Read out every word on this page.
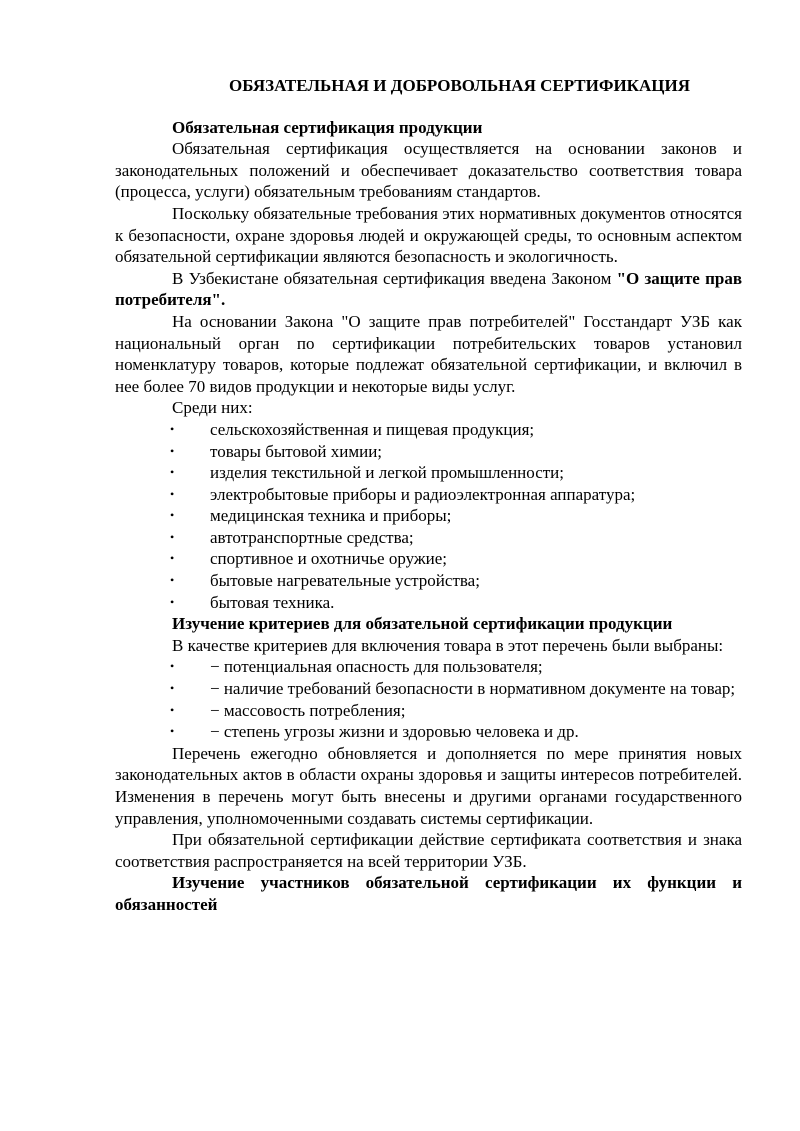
ОБЯЗАТЕЛЬНАЯ И ДОБРОВОЛЬНАЯ СЕРТИФИКАЦИЯ

Обязательная сертификация продукции

Обязательная сертификация осуществляется на основании законов и законодательных положений и обеспечивает доказательство соответствия товара (процесса, услуги) обязательным требованиям стандартов.

Поскольку обязательные требования этих нормативных документов относятся к безопасности, охране здоровья людей и окружающей среды, то основным аспектом обязательной сертификации являются безопасность и экологичность.

В Узбекистане обязательная сертификация введена Законом "О защите прав потребителя".

На основании Закона "О защите прав потребителей" Госстандарт УЗБ как национальный орган по сертификации потребительских товаров установил номенклатуру товаров, которые подлежат обязательной сертификации, и включил в нее более 70 видов продукции и некоторые виды услуг.

Среди них:

• сельскохозяйственная и пищевая продукция;
• товары бытовой химии;
• изделия текстильной и легкой промышленности;
• электробытовые приборы и радиоэлектронная аппаратура;
• медицинская техника и приборы;
• автотранспортные средства;
• спортивное и охотничье оружие;
• бытовые нагревательные устройства;
• бытовая техника.

Изучение критериев для обязательной сертификации продукции

В качестве критериев для включения товара в этот перечень были выбраны:

• − потенциальная опасность для пользователя;
• − наличие требований безопасности в нормативном документе на товар;
• − массовость потребления;
• − степень угрозы жизни и здоровью человека и др.

Перечень ежегодно обновляется и дополняется по мере принятия новых законодательных актов в области охраны здоровья и защиты интересов потребителей. Изменения в перечень могут быть внесены и другими органами государственного управления, уполномоченными создавать системы сертификации.

При обязательной сертификации действие сертификата соответствия и знака соответствия распространяется на всей территории УЗБ.

Изучение участников обязательной сертификации их функции и обязанностей
